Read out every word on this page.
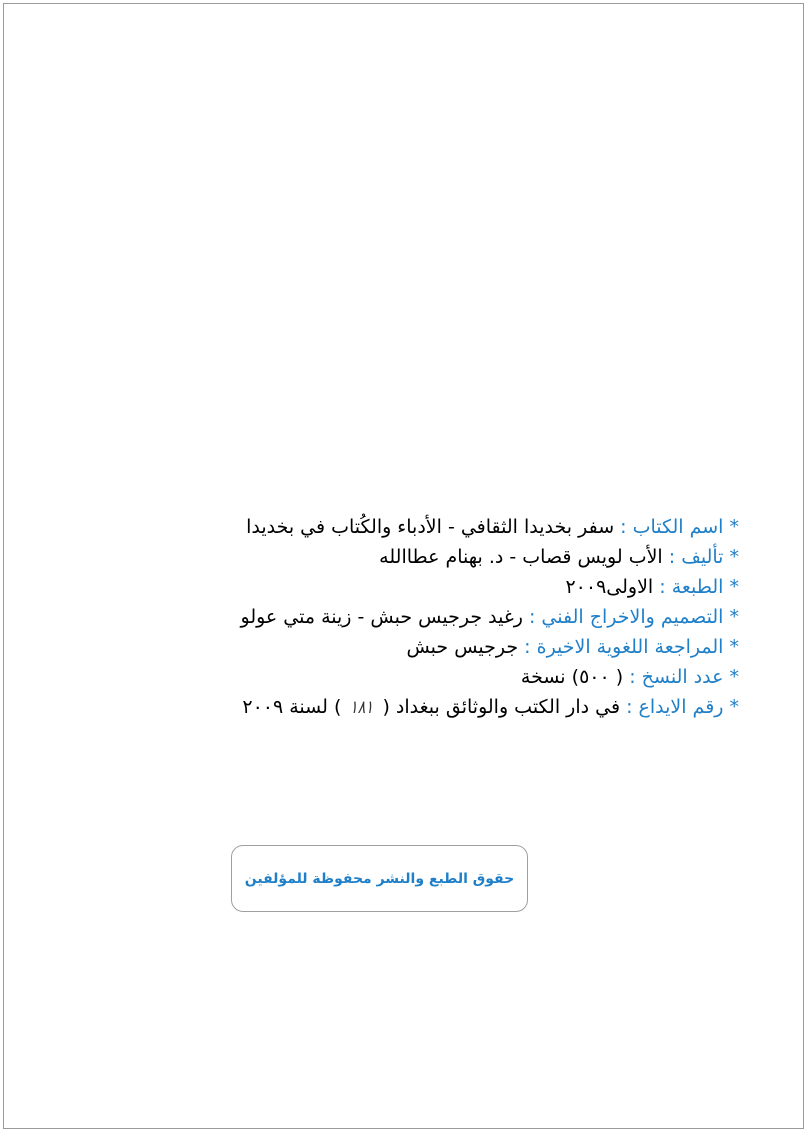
* اسم الكتاب : سفر بخديدا الثقافي - الأدباء والكُتاب في بخديدا
* تأليف : الأب لويس قصاب - د. بهنام عطاالله
* الطبعة : الاولى٢٠٠٩
* التصميم والاخراج الفني : رغيد جرجيس حبش - زينة متي عولو
* المراجعة اللغوية الاخيرة : جرجيس حبش
* عدد النسخ : ( ٥٠٠) نسخة
* رقم الايداع : في دار الكتب والوثائق ببغداد ( ١٨١ ) لسنة ٢٠٠٩
حقوق الطبع والنشر محفوظة للمؤلفين
